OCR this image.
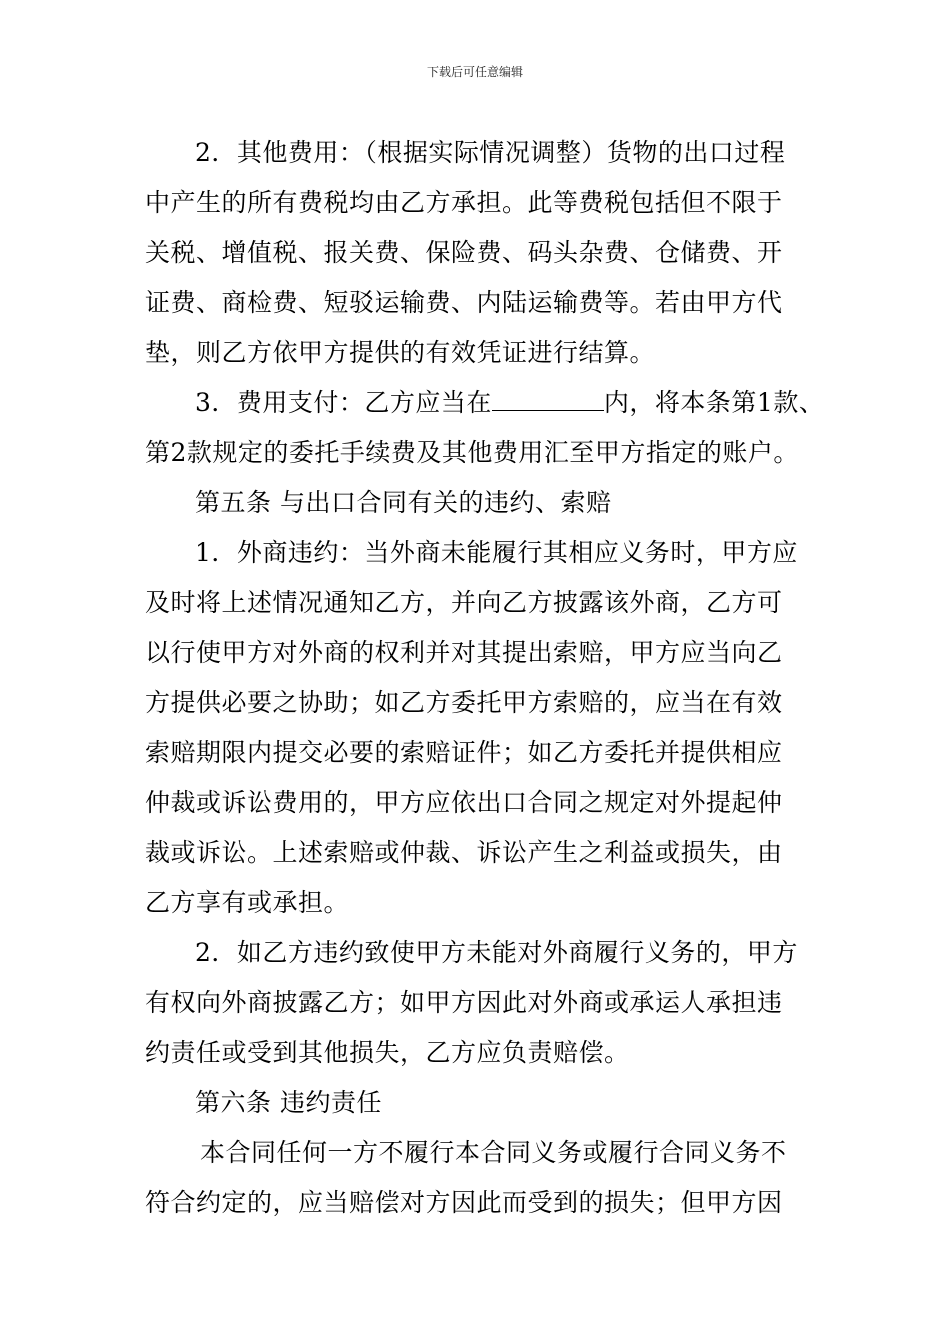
下载后可任意编辑
2．其他费用：（根据实际情况调整）货物的出口过程
中产生的所有费税均由乙方承担。此等费税包括但不限于
关税、增值税、报关费、保险费、码头杂费、仓储费、开
证费、商检费、短驳运输费、内陆运输费等。若由甲方代
垫，则乙方依甲方提供的有效凭证进行结算。
3．费用支付：乙方应当在	内，将本条第1款、
第2款规定的委托手续费及其他费用汇至甲方指定的账户。
第五条 与出口合同有关的违约、索赔
1．外商违约：当外商未能履行其相应义务时，甲方应
及时将上述情况通知乙方，并向乙方披露该外商，乙方可
以行使甲方对外商的权利并对其提出索赔，甲方应当向乙
方提供必要之协助；如乙方委托甲方索赔的，应当在有效
索赔期限内提交必要的索赔证件；如乙方委托并提供相应
仲裁或诉讼费用的，甲方应依出口合同之规定对外提起仲
裁或诉讼。上述索赔或仲裁、诉讼产生之利益或损失，由
乙方享有或承担。
2．如乙方违约致使甲方未能对外商履行义务的，甲方
有权向外商披露乙方；如甲方因此对外商或承运人承担违
约责任或受到其他损失，乙方应负责赔偿。
第六条 违约责任
本合同任何一方不履行本合同义务或履行合同义务不
符合约定的，应当赔偿对方因此而受到的损失；但甲方因
